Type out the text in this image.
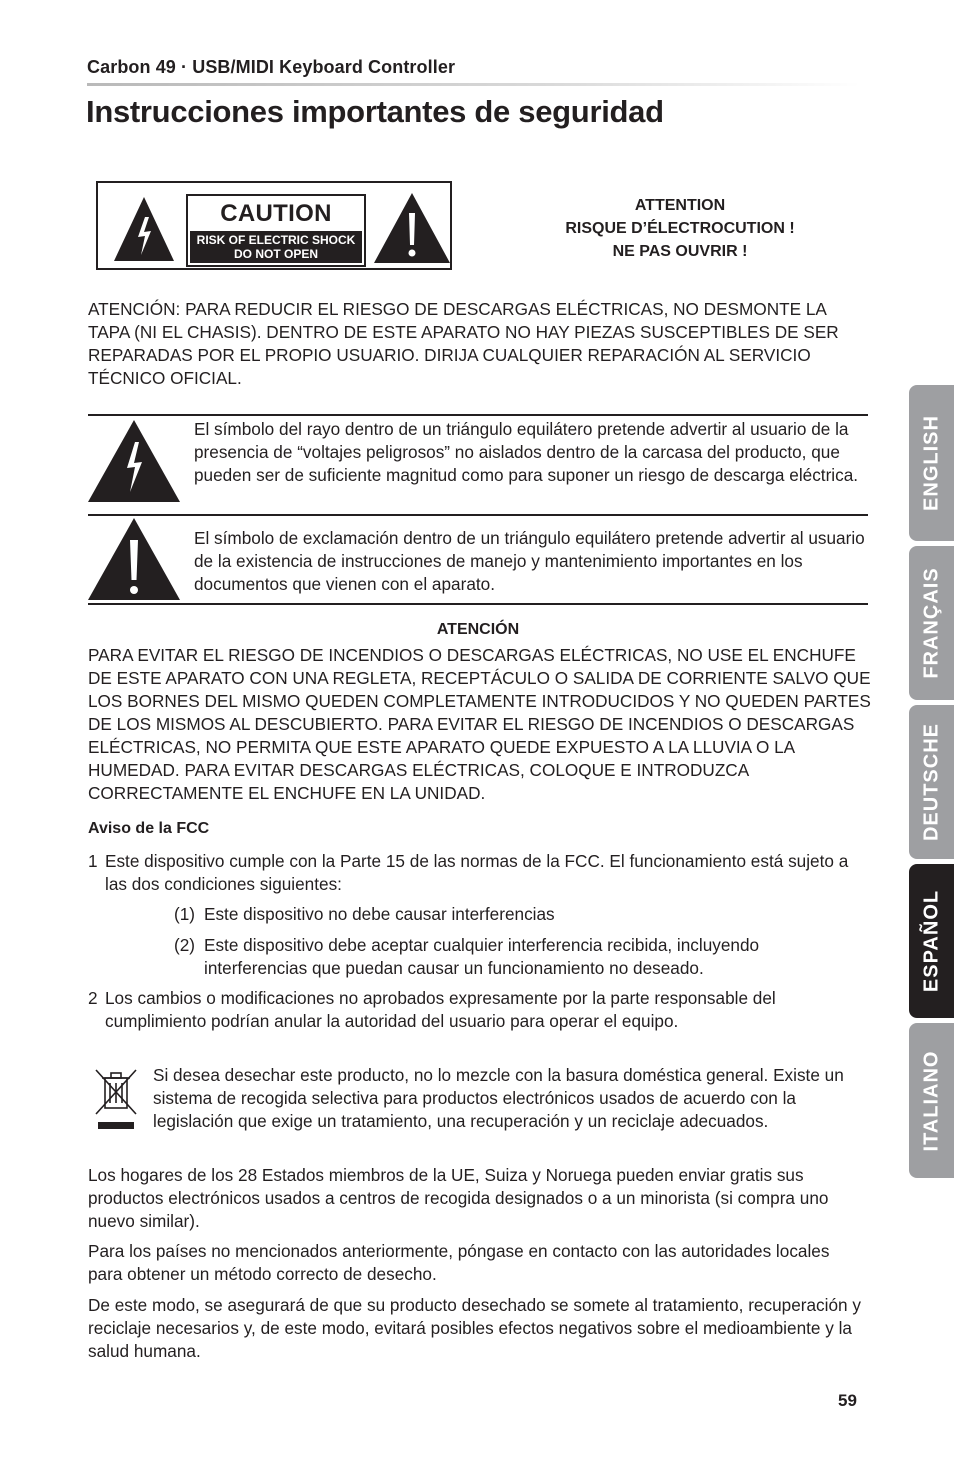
Carbon 49 · USB/MIDI Keyboard Controller
Instrucciones importantes de seguridad
CAUTION
RISK OF ELECTRIC SHOCK
DO NOT OPEN
ATTENTION
RISQUE D’ÉLECTROCUTION !
NE PAS OUVRIR !
ATENCIÓN: PARA REDUCIR EL RIESGO DE DESCARGAS ELÉCTRICAS, NO DESMONTE LA TAPA (NI EL CHASIS). DENTRO DE ESTE APARATO NO HAY PIEZAS SUSCEPTIBLES DE SER REPARADAS POR EL PROPIO USUARIO. DIRIJA CUALQUIER REPARACIÓN AL SERVICIO TÉCNICO OFICIAL.
El símbolo del rayo dentro de un triángulo equilátero pretende advertir al usuario de la presencia de “voltajes peligrosos” no aislados dentro de la carcasa del producto, que pueden ser de suficiente magnitud como para suponer un riesgo de descarga eléctrica.
El símbolo de exclamación dentro de un triángulo equilátero pretende advertir al usuario de la existencia de instrucciones de manejo y mantenimiento importantes en los documentos que vienen con el aparato.
ATENCIÓN
PARA EVITAR EL RIESGO DE INCENDIOS O DESCARGAS ELÉCTRICAS, NO USE EL ENCHUFE DE ESTE APARATO CON UNA REGLETA, RECEPTÁCULO O SALIDA DE CORRIENTE SALVO QUE LOS BORNES DEL MISMO QUEDEN COMPLETAMENTE INTRODUCIDOS Y NO QUEDEN PARTES DE LOS MISMOS AL DESCUBIERTO. PARA EVITAR EL RIESGO DE INCENDIOS O DESCARGAS ELÉCTRICAS, NO PERMITA QUE ESTE APARATO QUEDE EXPUESTO A LA LLUVIA O LA HUMEDAD. PARA EVITAR DESCARGAS ELÉCTRICAS, COLOQUE E INTRODUZCA CORRECTAMENTE EL ENCHUFE EN LA UNIDAD.
Aviso de la FCC
1 Este dispositivo cumple con la Parte 15 de las normas de la FCC. El funcionamiento está sujeto a las dos condiciones siguientes:
(1) Este dispositivo no debe causar interferencias
(2) Este dispositivo debe aceptar cualquier interferencia recibida, incluyendo interferencias que puedan causar un funcionamiento no deseado.
2 Los cambios o modificaciones no aprobados expresamente por la parte responsable del cumplimiento podrían anular la autoridad del usuario para operar el equipo.
Si desea desechar este producto, no lo mezcle con la basura doméstica general. Existe un sistema de recogida selectiva para productos electrónicos usados de acuerdo con la legislación que exige un tratamiento, una recuperación y un reciclaje adecuados.
Los hogares de los 28 Estados miembros de la UE, Suiza y Noruega pueden enviar gratis sus productos electrónicos usados a centros de recogida designados o a un minorista (si compra uno nuevo similar).
Para los países no mencionados anteriormente, póngase en contacto con las autoridades locales para obtener un método correcto de desecho.
De este modo, se asegurará de que su producto desechado se somete al tratamiento, recuperación y reciclaje necesarios y, de este modo, evitará posibles efectos negativos sobre el medioambiente y la salud humana.
ENGLISH
FRANÇAIS
DEUTSCHE
ESPAÑOL
ITALIANO
59
